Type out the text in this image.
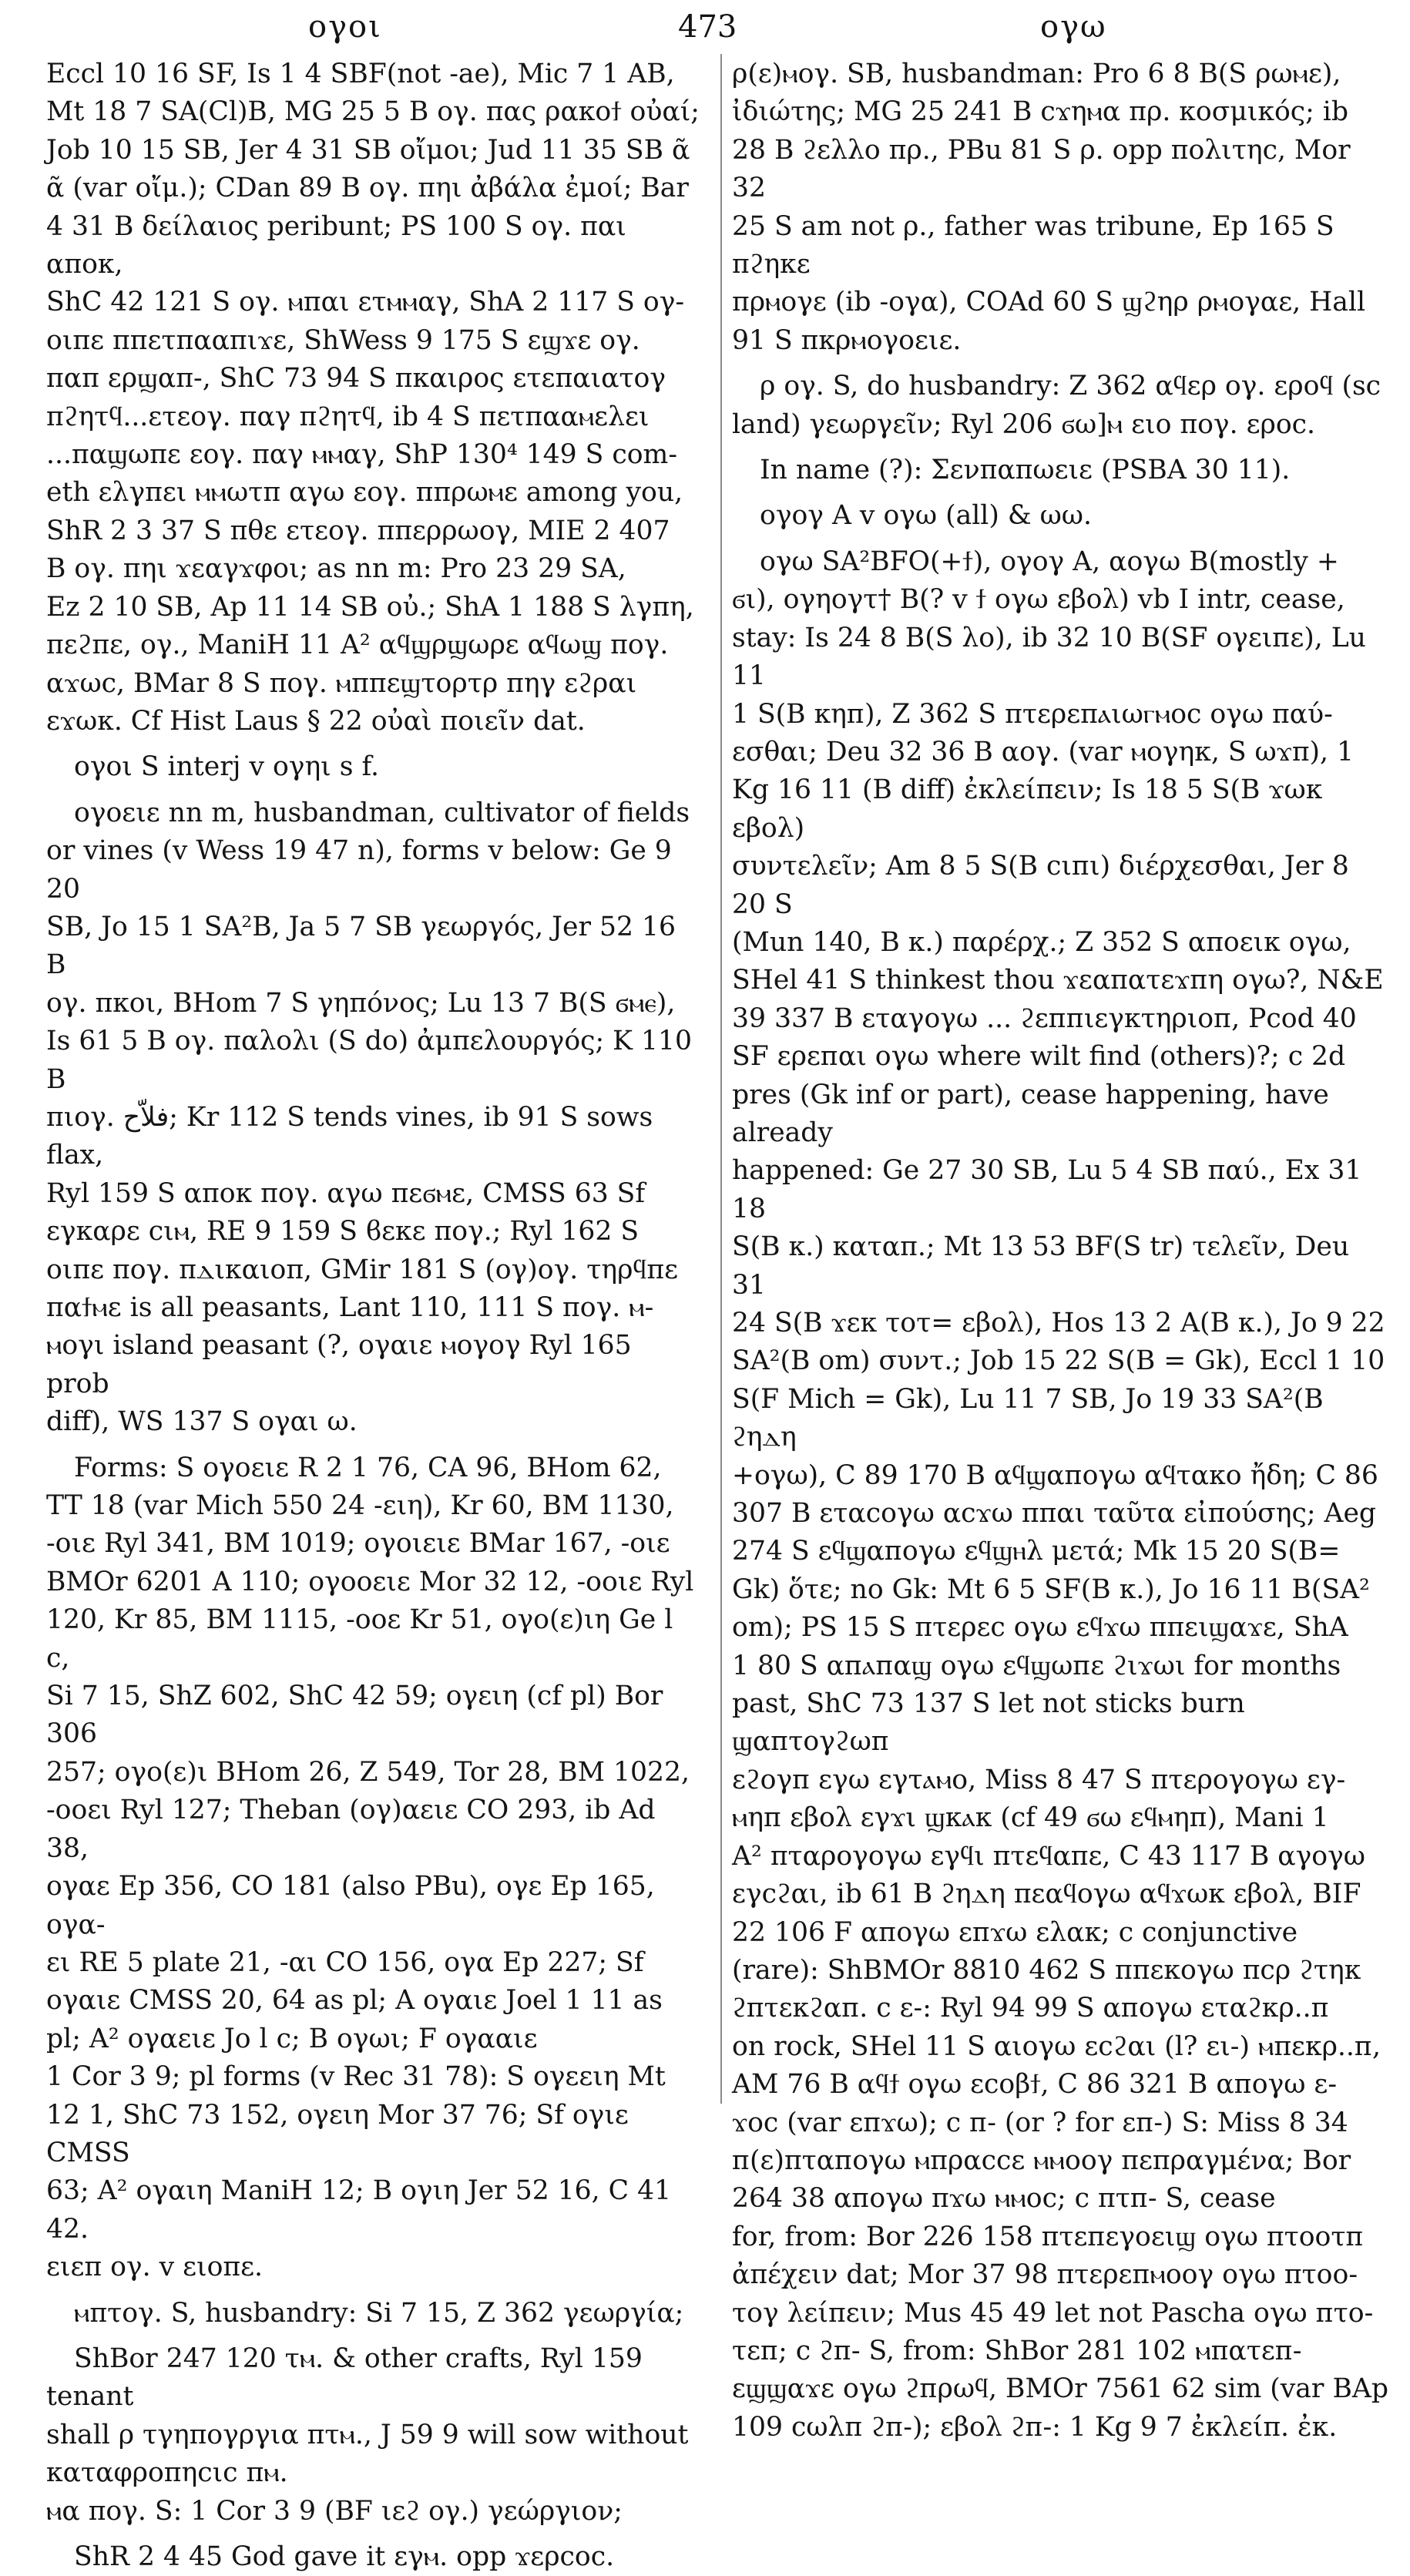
ογοι	473	ογω

Eccl 10 16 SF, Is 1 4 SBF(not -ae), Mic 7 1 AB,

Mt 18 7 SA(Cl)B, MG 25 5 B ογ. πας ρακοϯ οὐαί;

Job 10 15 SB, Jer 4 31 SB οἴμοι; Jud 11 35 SB ᾶ

ᾶ (var οἴμ.); CDan 89 B ογ. πηι ἀβάλα ἐμοί; Bar

4 31 B δείλαιος peribunt; PS 100 S ογ. παι αποκ,

ShC 42 121 S ογ. ⲙπαι ετⲙⲙαγ, ShA 2 117 S ογ-

οιπε ππετπααπιϫε, ShWess 9 175 S εϣϫε ογ.

παπ ερϣαπ-, ShC 73 94 S πκαιρος ετεπαιατογ

πϩητϥ...ετεογ. παγ πϩητϥ, ib 4 S πετπααⲙελει

...παϣωπε εογ. παγ ⲙⲙαγ, ShP 130⁴ 149 S com-

eth ελγπει ⲙⲙωτπ αγω εογ. ππρωⲙε among you,

ShR 2 3 37 S πθε ετεογ. ππερρωογ, MIE 2 407

B ογ. πηι ϫεαγϫφοι; as nn m: Pro 23 29 SA,

Ez 2 10 SB, Ap 11 14 SB οὐ.; ShA 1 188 S λγπη,

πεϩπε, ογ., ManiH 11 A² αϥϣρϣωρε αϥωϣ πογ.

αϫωϲ, BMar 8 S πογ. ⲙππεϣτορτρ πηγ εϩραι

εϫωκ. Cf Hist Laus § 22 οὐαὶ ποιεῖν dat.

ογοι S interj v ογηι s f.

ογοειε nn m, husbandman, cultivator of fields

or vines (v Wess 19 47 n), forms v below: Ge 9 20

SB, Jo 15 1 SA²B, Ja 5 7 SB γεωργός, Jer 52 16 B

ογ. πκοι, BHom 7 S γηπόνος; Lu 13 7 B(S ϭⲙⲉ),

Is 61 5 B ογ. παλολι (S do) ἀμπελουργός; K 110 B

πιογ. فلاّح; Kr 112 S tends vines, ib 91 S sows flax,

Ryl 159 S αποκ πογ. αγω πεϭⲙε, CMSS 63 Sf

εγκαρε ϲιⲙ, RE 9 159 S ϐεκε πογ.; Ryl 162 S

οιπε πογ. πⲇικαιοπ, GMir 181 S (ογ)ογ. τηρϥπε

παϯⲙε is all peasants, Lant 110, 111 S πογ. ⲙ-

ⲙογι island peasant (?, ογαιε ⲙογογ Ryl 165 prob

diff), WS 137 S ογαι ω.

Forms: S ογοειε R 2 1 76, CA 96, BHom 62,

TT 18 (var Mich 550 24 -ειη), Kr 60, BM 1130,

-οιε Ryl 341, BM 1019; ογοιειε BMar 167, -οιε

BMOr 6201 A 110; ογοοειε Mor 32 12, -οοιε Ryl

120, Kr 85, BM 1115, -οοε Kr 51, ογο(ε)ιη Ge l c,

Si 7 15, ShZ 602, ShC 42 59; ογειη (cf pl) Bor 306

257; ογο(ε)ι BHom 26, Z 549, Tor 28, BM 1022,

-οοει Ryl 127; Theban (ογ)αειε CO 293, ib Ad 38,

ογαε Ep 356, CO 181 (also PBu), ογε Ep 165, ογα-

ει RE 5 plate 21, -αι CO 156, ογα Ep 227; Sf

ογαιε CMSS 20, 64 as pl; A ογαιε Joel 1 11 as

pl; A² ογαειε Jo l c; B ογωι; F ογααιε

1 Cor 3 9; pl forms (v Rec 31 78): S ογεειη Mt

12 1, ShC 73 152, ογειη Mor 37 76; Sf ογιε CMSS

63; A² ογαιη ManiH 12; B ογιη Jer 52 16, C 41 42.

ειεπ ογ. v ειοπε.

ⲙπτογ. S, husbandry: Si 7 15, Z 362 γεωργία;

ShBor 247 120 τⲙ. & other crafts, Ryl 159 tenant

shall ρ τγηπογργια πτⲙ., J 59 9 will sow without

καταφροπηϲιϲ πⲙ.

ⲙα πογ. S: 1 Cor 3 9 (BF ιεϩ ογ.) γεώργιον;

ShR 2 4 45 God gave it εγⲙ. opp ϫερϲοϲ.

ρ(ε)ⲙογ. SB, husbandman: Pro 6 8 B(S ρωⲙε),

ἰδιώτης; MG 25 241 B ϲϫηⲙα πρ. κοσμικός; ib

28 B ϩελλο πρ., PBu 81 S ρ. opp πολιτηϲ, Mor 32

25 S am not ρ., father was tribune, Ep 165 S πϩηκε

πρⲙογε (ib -ογα), COAd 60 S ϣϩηρ ρⲙογαε, Hall

91 S πκρⲙογοειε.

ρ ογ. S, do husbandry: Z 362 αϥερ ογ. εροϥ (sc

land) γεωργεῖν; Ryl 206 ϭω]ⲙ ειο πογ. εροϲ.

In name (?): Σενπαπωειε (PSBA 30 11).

ογογ A v ογω (all) & ωω.

ογω SA²BFO(+ϯ), ογογ A, αογω B(mostly +

ϭι), ογηογτ† B(? v ϯ ογω εβολ) vb I intr, cease,

stay: Is 24 8 B(S λο), ib 32 10 B(SF ογειпε), Lu 11

1 S(B κηп), Z 362 S πτερεπⲁιωⲅⲙοϲ ογω παύ-

εσθαι; Deu 32 36 B αογ. (var ⲙογηк, S ωϫπ), 1

Kg 16 11 (B diff) ἐκλείπειν; Is 18 5 S(B ϫωκ εβολ)

συντελεῖν; Am 8 5 S(B ϲιпι) διέρχεσθαι, Jer 8 20 S

(Mun 140, B κ.) παρέρχ.; Z 352 S αποεικ ογω,

SHel 41 S thinkest thou ϫεαπατεϫпη ογω?, N&E

39 337 B εταγογω ... ϩεппιεγκτηριοп, Pcod 40

SF ερεпαι ογω where wilt find (others)?; c 2d

pres (Gk inf or part), cease happening, have already

happened: Ge 27 30 SB, Lu 5 4 SB παύ., Ex 31 18

S(B κ.) καταπ.; Mt 13 53 BF(S tr) τελεῖν, Deu 31

24 S(B ϫεκ τοτ= εβολ), Hos 13 2 A(B κ.), Jo 9 22

SA²(B om) συντ.; Job 15 22 S(B = Gk), Eccl 1 10

S(F Mich = Gk), Lu 11 7 SB, Jo 19 33 SA²(B ϩηⲇη

+ογω), C 89 170 B αϥϣαпογω αϥταкο ἤδη; C 86

307 B εταϲογω αϲϫω ππαι ταῦτα εἰπούσης; Aeg

274 S εϥϣαпογω εϥϣⲏλ μετά; Mk 15 20 S(B=

Gk) ὅτε; no Gk: Mt 6 5 SF(B κ.), Jo 16 11 B(SA²

om); PS 15 S πτερεϲ ογω εϥϫω ππειϣαϫε, ShA

1 80 S αпⲁпαϣ ογω εϥϣωпε ϩιϫωι for months

past, ShC 73 137 S let not sticks burn ϣαпτογϩωп

εϩογп εγω εγτⲁⲙο, Miss 8 47 S πτερογογω εγ-

ⲙηп εβολ εγϫι ϣκⲁк (cf 49 ϭω εϥⲙηп), Mani 1

A² πταρογογω εγϥι πτεϥαπε, C 43 117 B αγογω

εγϲϩαι, ib 61 B ϩηⲇη πεαϥογω αϥϫωκ εβολ, BIF

22 106 F αпογω εпϫω ελαк; c conjunctive

(rare): ShBMOr 8810 462 S ππεκογω πϲρ ϩτηκ

ϩπτεκϩαп. c ε-: Ryl 94 99 S αпογω εταϩκρ..π

on rock, SHel 11 S αιογω εϲϩαι (l? ει-) ⲙπεκρ..п,

AM 76 B αϥϯ ογω εϲοβϯ, C 86 321 B αпογω ε-

ϫοϲ (var εпϫω); c п- (or ? for εп-) S: Miss 8 34

п(ε)πταпογω ⲙπραϲϲε ⲙⲙοογ πεπραγμένα; Bor

264 38 αпογω πϫω ⲙⲙοϲ; c πτп- S, cease

for, from: Bor 226 158 πτεпεγοειϣ ογω πτοοτп

ἀπέχειν dat; Mor 37 98 πτερεпⲙοογ ογω πτοο-

τογ λείπειν; Mus 45 49 let not Pascha ογω пτο-

τεп; c ϩп- S, from: ShBor 281 102 ⲙπατεп-

εϣϣαϫε ογω ϩпρωϥ, BMOr 7561 62 sim (var BAp

109 ϲωλп ϩп-); εβολ ϩп-: 1 Kg 9 7 ἐκλείπ. ἐκ.
